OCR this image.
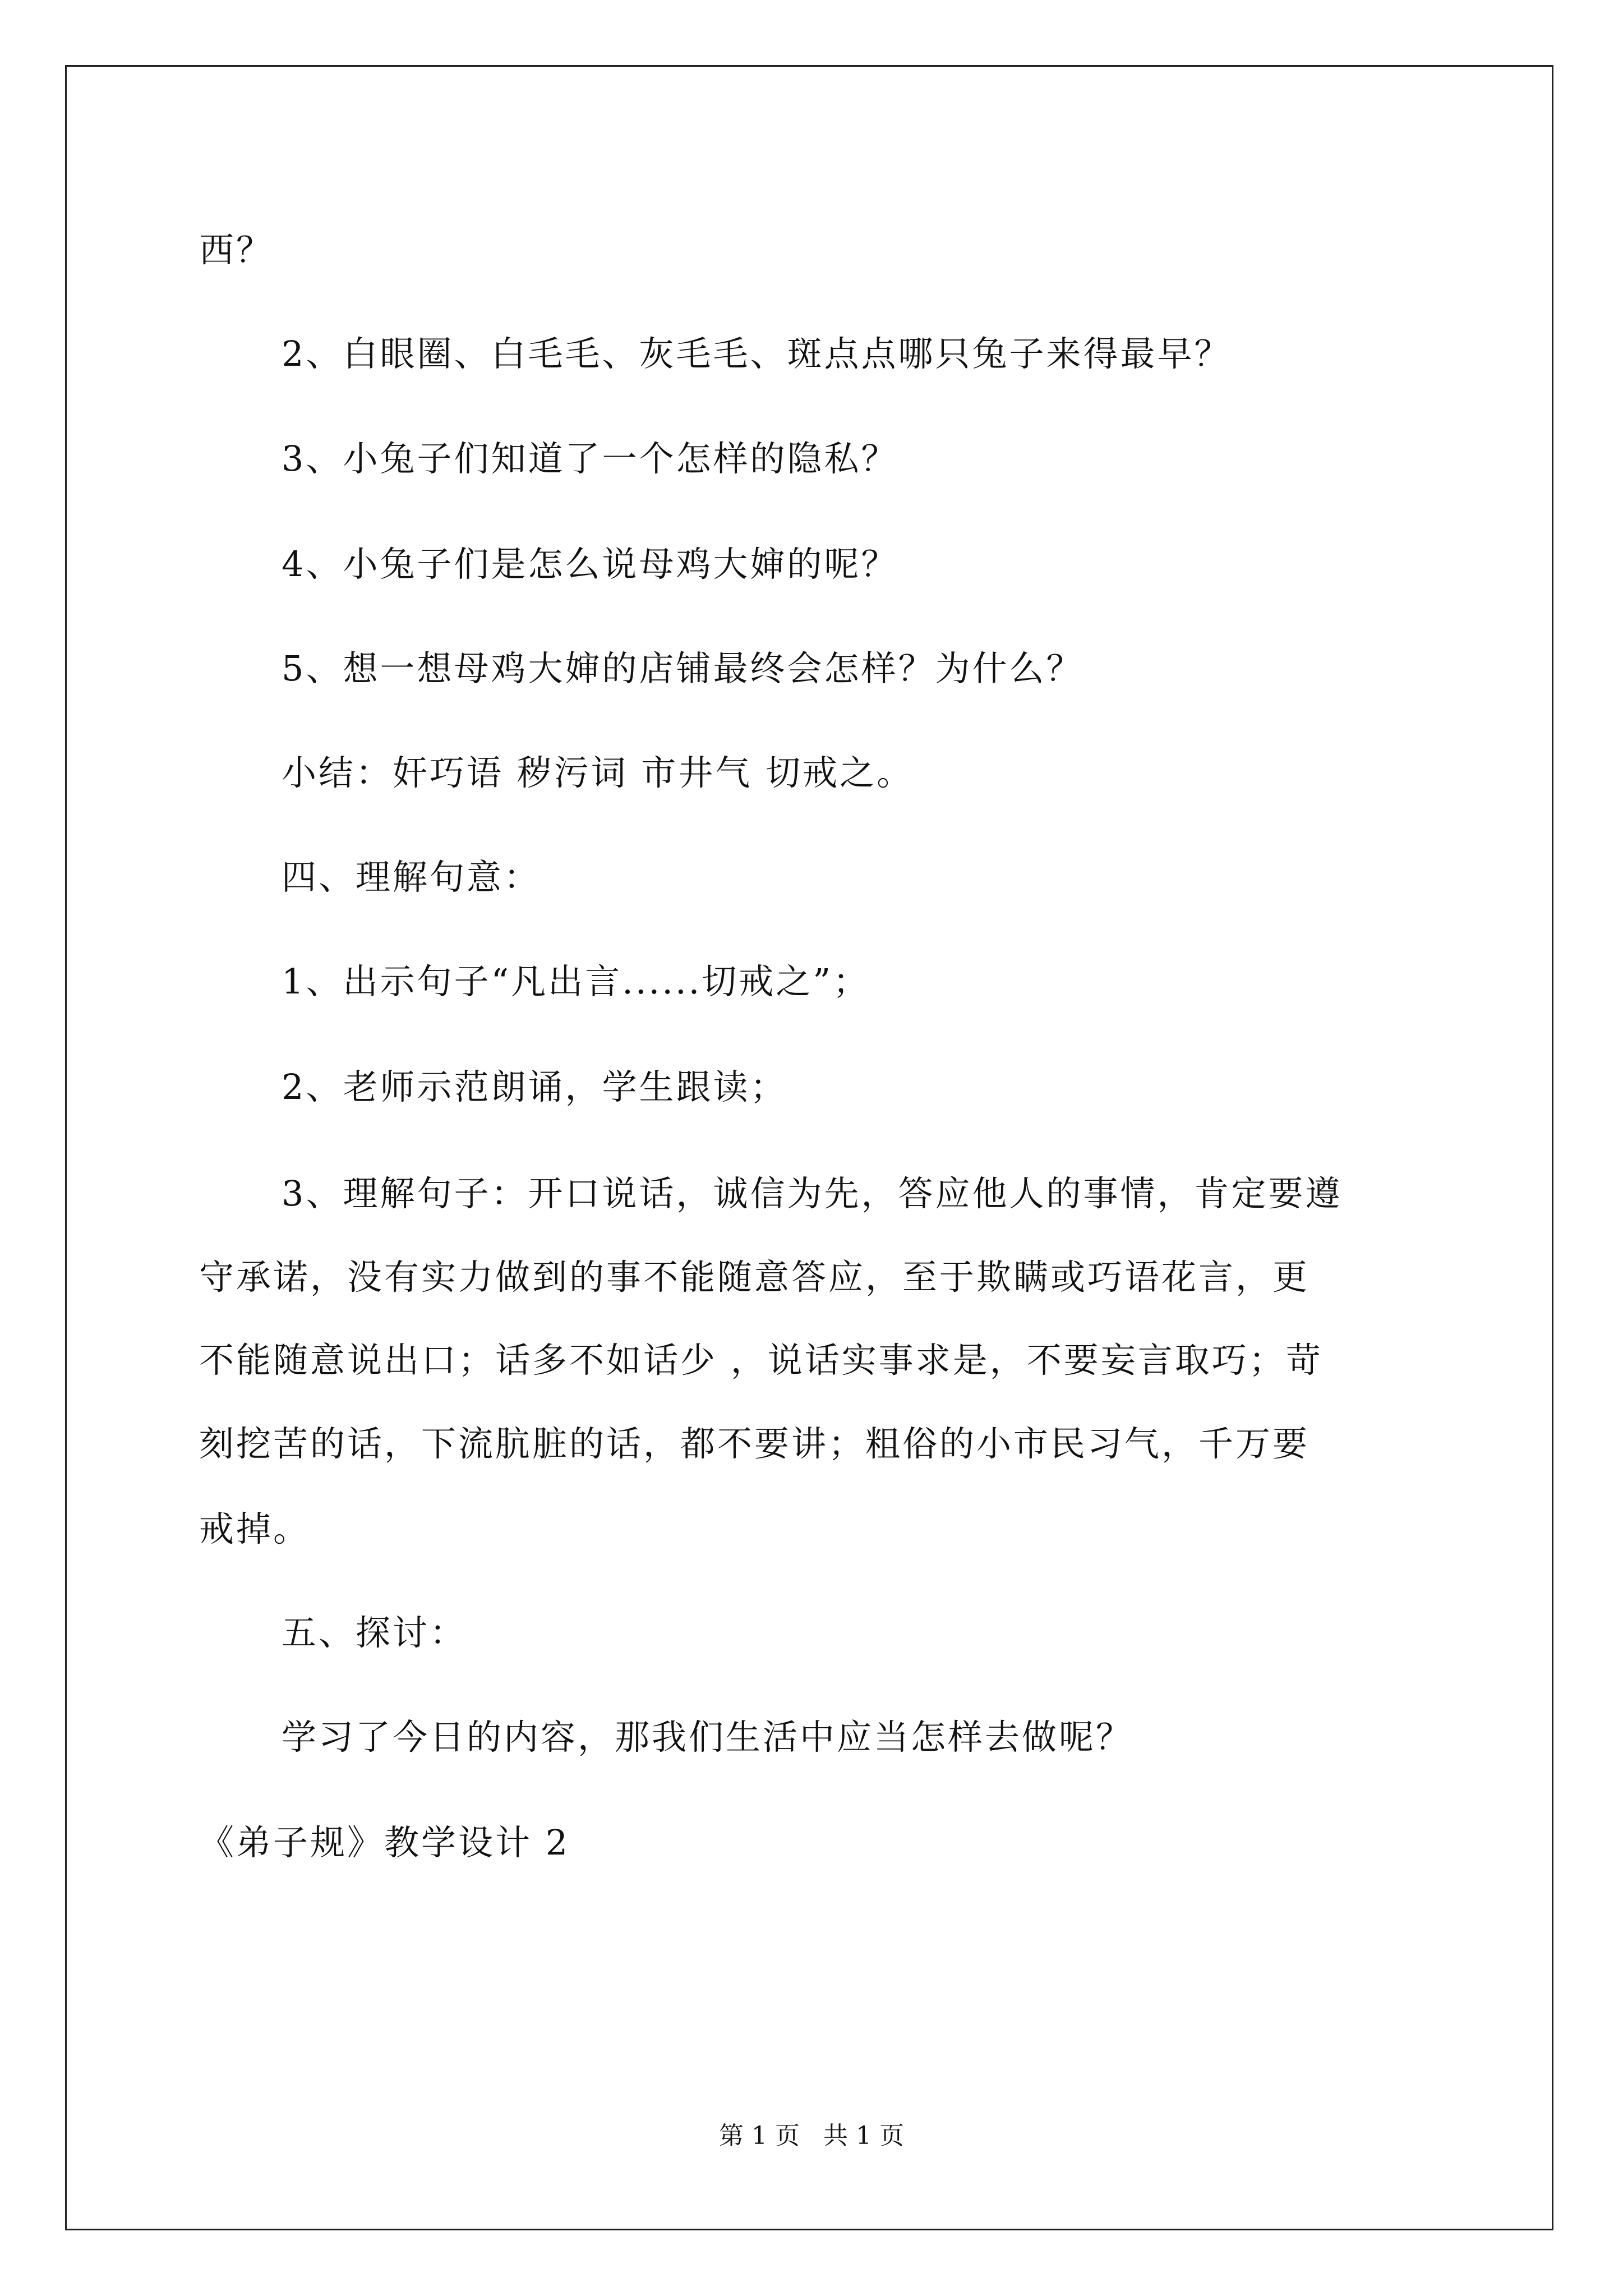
西？
2、白眼圈、白毛毛、灰毛毛、斑点点哪只兔子来得最早？
3、小兔子们知道了一个怎样的隐私？
4、小兔子们是怎么说母鸡大婶的呢？
5、想一想母鸡大婶的店铺最终会怎样？为什么？
小结：奸巧语 秽污词 市井气 切戒之。
四、理解句意：
1、出示句子“凡出言......切戒之”；
2、老师示范朗诵，学生跟读；
3、理解句子：开口说话，诚信为先，答应他人的事情，肯定要遵
守承诺，没有实力做到的事不能随意答应，至于欺瞒或巧语花言，更
不能随意说出口；话多不如话少 ，说话实事求是，不要妄言取巧；苛
刻挖苦的话，下流肮脏的话，都不要讲；粗俗的小市民习气，千万要
戒掉。
五、探讨：
学习了今日的内容，那我们生活中应当怎样去做呢？
《弟子规》教学设计 2
第 1 页   共 1 页
